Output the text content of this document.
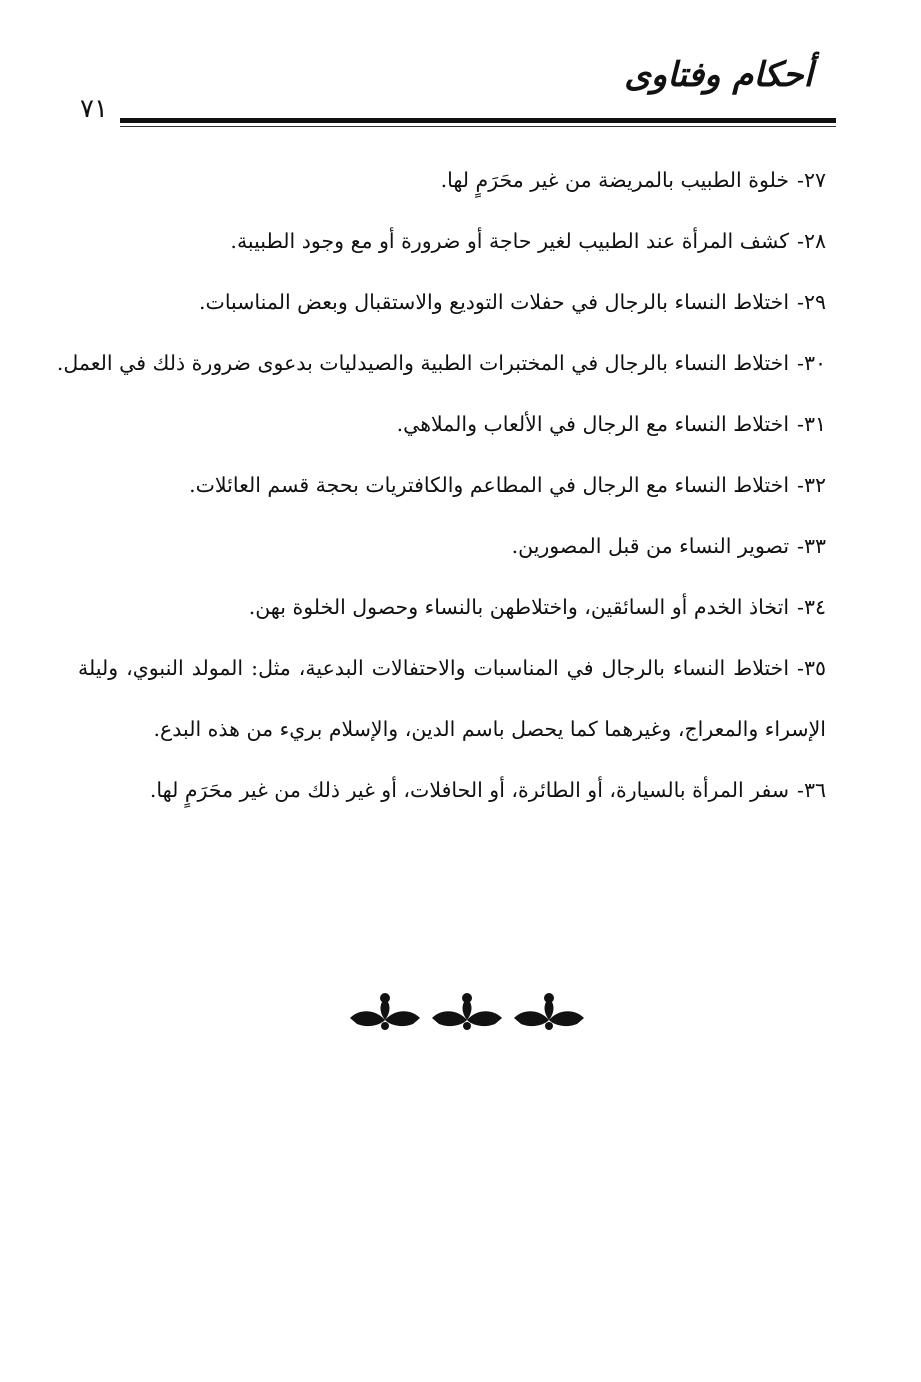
أحكام وفتاوى
٧١
٢٧-خلوة الطبيب بالمريضة من غير محَرَمٍ لها.
٢٨-كشف المرأة عند الطبيب لغير حاجة أو ضرورة أو مع وجود الطبيبة.
٢٩-اختلاط النساء بالرجال في حفلات التوديع والاستقبال وبعض المناسبات.
٣٠-اختلاط النساء بالرجال في المختبرات الطبية والصيدليات بدعوى ضرورة ذلك في العمل.
٣١-اختلاط النساء مع الرجال في الألعاب والملاهي.
٣٢-اختلاط النساء مع الرجال في المطاعم والكافتريات بحجة قسم العائلات.
٣٣-تصوير النساء من قبل المصورين.
٣٤-اتخاذ الخدم أو السائقين، واختلاطهن بالنساء وحصول الخلوة بهن.
٣٥-اختلاط النساء بالرجال في المناسبات والاحتفالات البدعية، مثل: المولد النبوي، وليلة الإسراء والمعراج، وغيرهما كما يحصل باسم الدين، والإسلام بريء من هذه البدع.
٣٦-سفر المرأة بالسيارة، أو الطائرة، أو الحافلات، أو غير ذلك من غير محَرَمٍ لها.
